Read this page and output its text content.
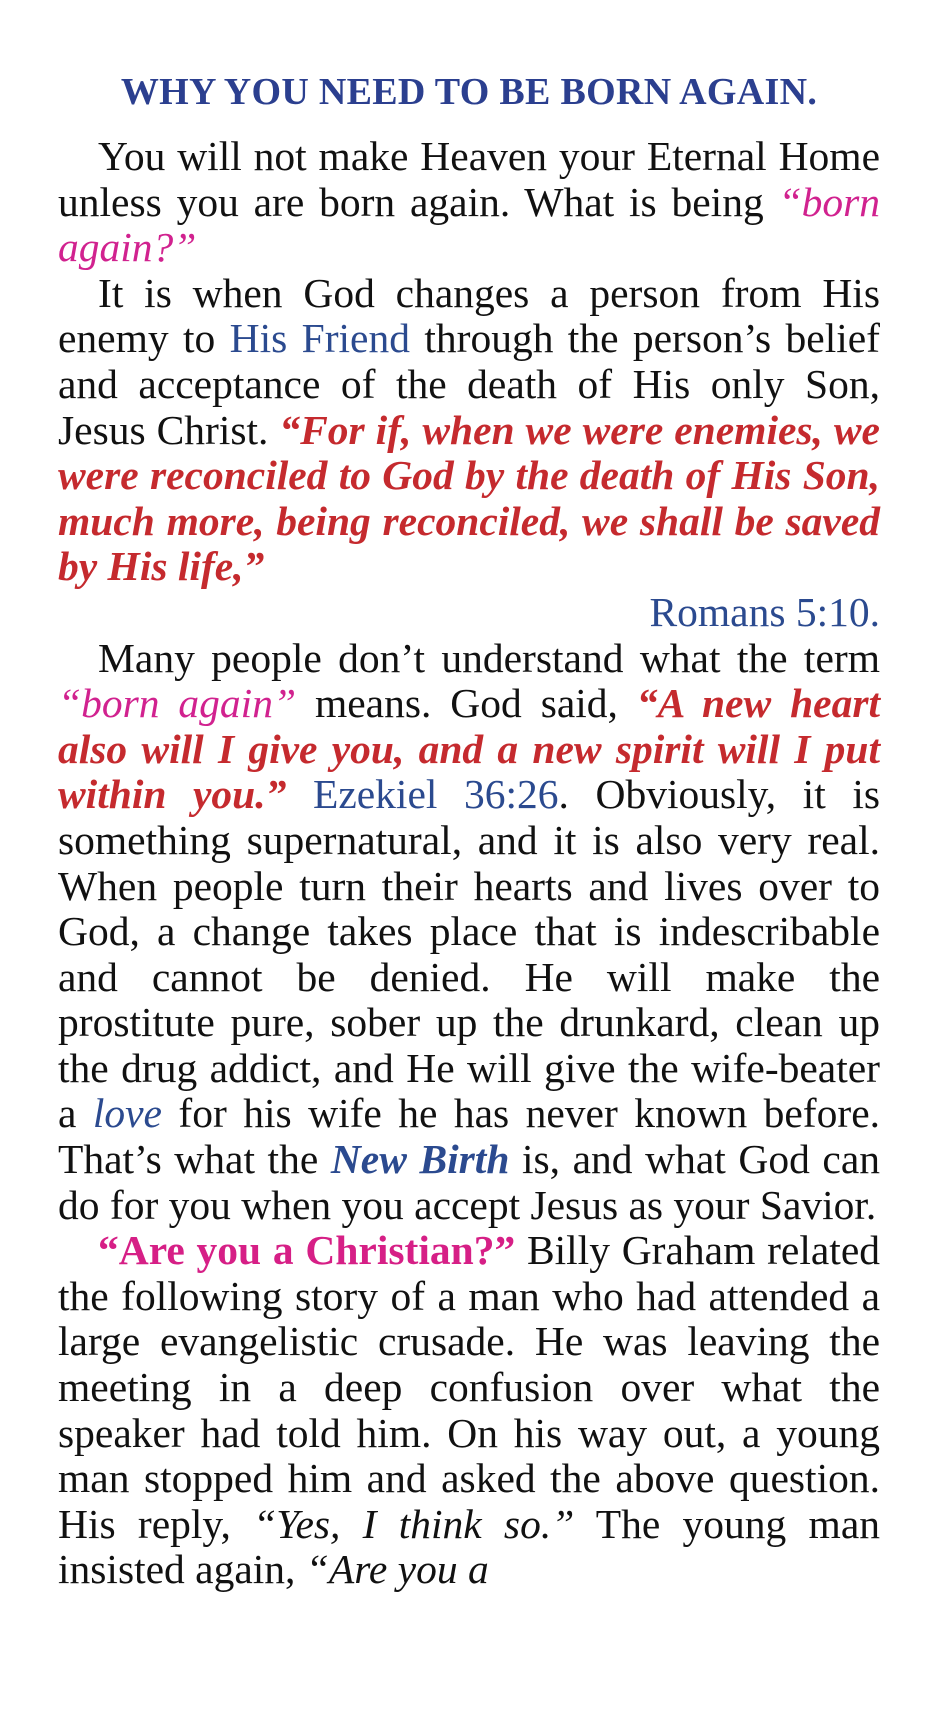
WHY YOU NEED TO BE BORN AGAIN.

You will not make Heaven your Eternal Home unless you are born again. What is being “born again?”

It is when God changes a person from His enemy to His Friend through the person’s belief and acceptance of the death of His only Son, Jesus Christ. “For if, when we were enemies, we were reconciled to God by the death of His Son, much more, being reconciled, we shall be saved by His life,”
Romans 5:10.

Many people don’t understand what the term “born again” means. God said, “A new heart also will I give you, and a new spirit will I put within you.” Ezekiel 36:26. Obviously, it is something supernatural, and it is also very real. When people turn their hearts and lives over to God, a change takes place that is indescribable and cannot be denied. He will make the prostitute pure, sober up the drunkard, clean up the drug addict, and He will give the wife-beater a love for his wife he has never known before. That’s what the New Birth is, and what God can do for you when you accept Jesus as your Savior.

“Are you a Christian?” Billy Graham related the following story of a man who had attended a large evangelistic crusade. He was leaving the meeting in a deep confusion over what the speaker had told him. On his way out, a young man stopped him and asked the above question. His reply, “Yes, I think so.” The young man insisted again, “Are you a
